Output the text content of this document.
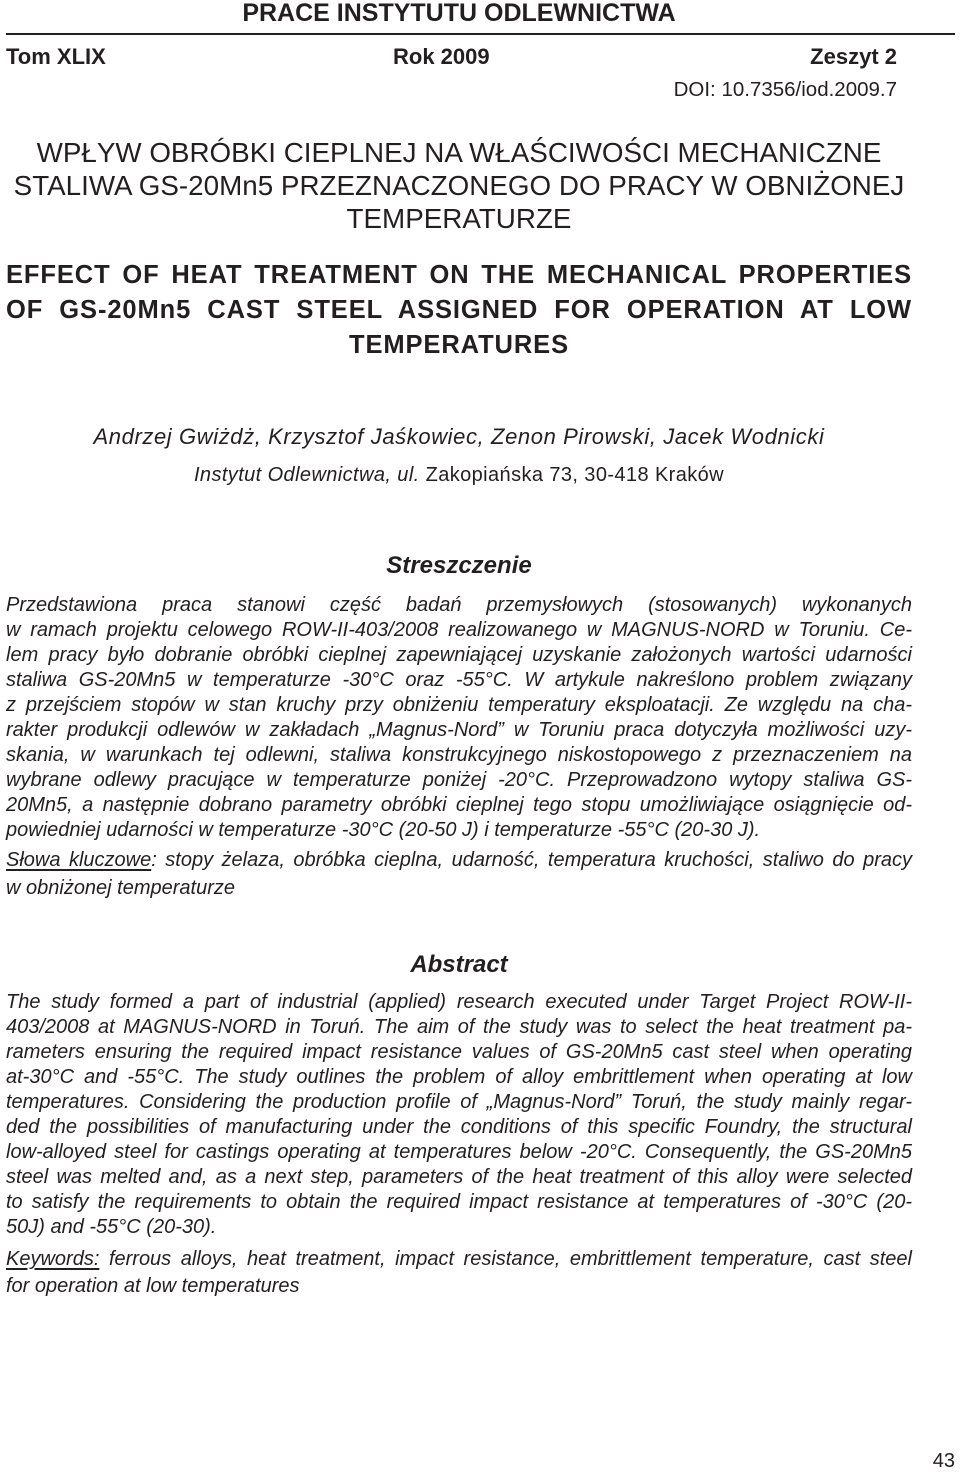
PRACE INSTYTUTU ODLEWNICTWA
Tom XLIX	Rok 2009	Zeszyt 2
DOI: 10.7356/iod.2009.7
WPŁYW OBRÓBKI CIEPLNEJ NA WŁAŚCIWOŚCI MECHANICZNE
STALIWA GS-20Mn5 PRZEZNACZONEGO DO PRACY W OBNIŻONEJ
TEMPERATURZE
EFFECT OF HEAT TREATMENT ON THE MECHANICAL PROPERTIES
OF GS-20Mn5 CAST STEEL ASSIGNED FOR OPERATION AT LOW
TEMPERATURES
Andrzej Gwiżdż, Krzysztof Jaśkowiec, Zenon Pirowski, Jacek Wodnicki
Instytut Odlewnictwa, ul. Zakopiańska 73, 30-418 Kraków
Streszczenie
Przedstawiona praca stanowi część badań przemysłowych (stosowanych) wykonanych
w ramach projektu celowego ROW-II-403/2008 realizowanego w MAGNUS-NORD w Toruniu. Ce-
lem pracy było dobranie obróbki cieplnej zapewniającej uzyskanie założonych wartości udarności
staliwa GS-20Mn5 w temperaturze -30°C oraz -55°C. W artykule nakreślono problem związany
z przejściem stopów w stan kruchy przy obniżeniu temperatury eksploatacji. Ze względu na cha-
rakter produkcji odlewów w zakładach „Magnus-Nord” w Toruniu praca dotyczyła możliwości uzy-
skania, w warunkach tej odlewni, staliwa konstrukcyjnego niskostopowego z przeznaczeniem na
wybrane odlewy pracujące w temperaturze poniżej -20°C. Przeprowadzono wytopy staliwa GS-
20Mn5, a następnie dobrano parametry obróbki cieplnej tego stopu umożliwiające osiągnięcie od-
powiedniej udarności w temperaturze -30°C (20-50 J) i temperaturze -55°C (20-30 J).
Słowa kluczowe: stopy żelaza, obróbka cieplna, udarność, temperatura kruchości, staliwo do pracy
w obniżonej temperaturze
Abstract
The study formed a part of industrial (applied) research executed under Target Project ROW-II-
403/2008 at MAGNUS-NORD in Toruń. The aim of the study was to select the heat treatment pa-
rameters ensuring the required impact resistance values of GS-20Mn5 cast steel when operating
at-30°C and -55°C. The study outlines the problem of alloy embrittlement when operating at low
temperatures. Considering the production profile of „Magnus-Nord” Toruń, the study mainly regar-
ded the possibilities of manufacturing under the conditions of this specific Foundry, the structural
low-alloyed steel for castings operating at temperatures below -20°C. Consequently, the GS-20Mn5
steel was melted and, as a next step, parameters of the heat treatment of this alloy were selected
to satisfy the requirements to obtain the required impact resistance at temperatures of -30°C (20-
50J) and -55°C (20-30).
Keywords: ferrous alloys, heat treatment, impact resistance, embrittlement temperature, cast steel
for operation at low temperatures
43
